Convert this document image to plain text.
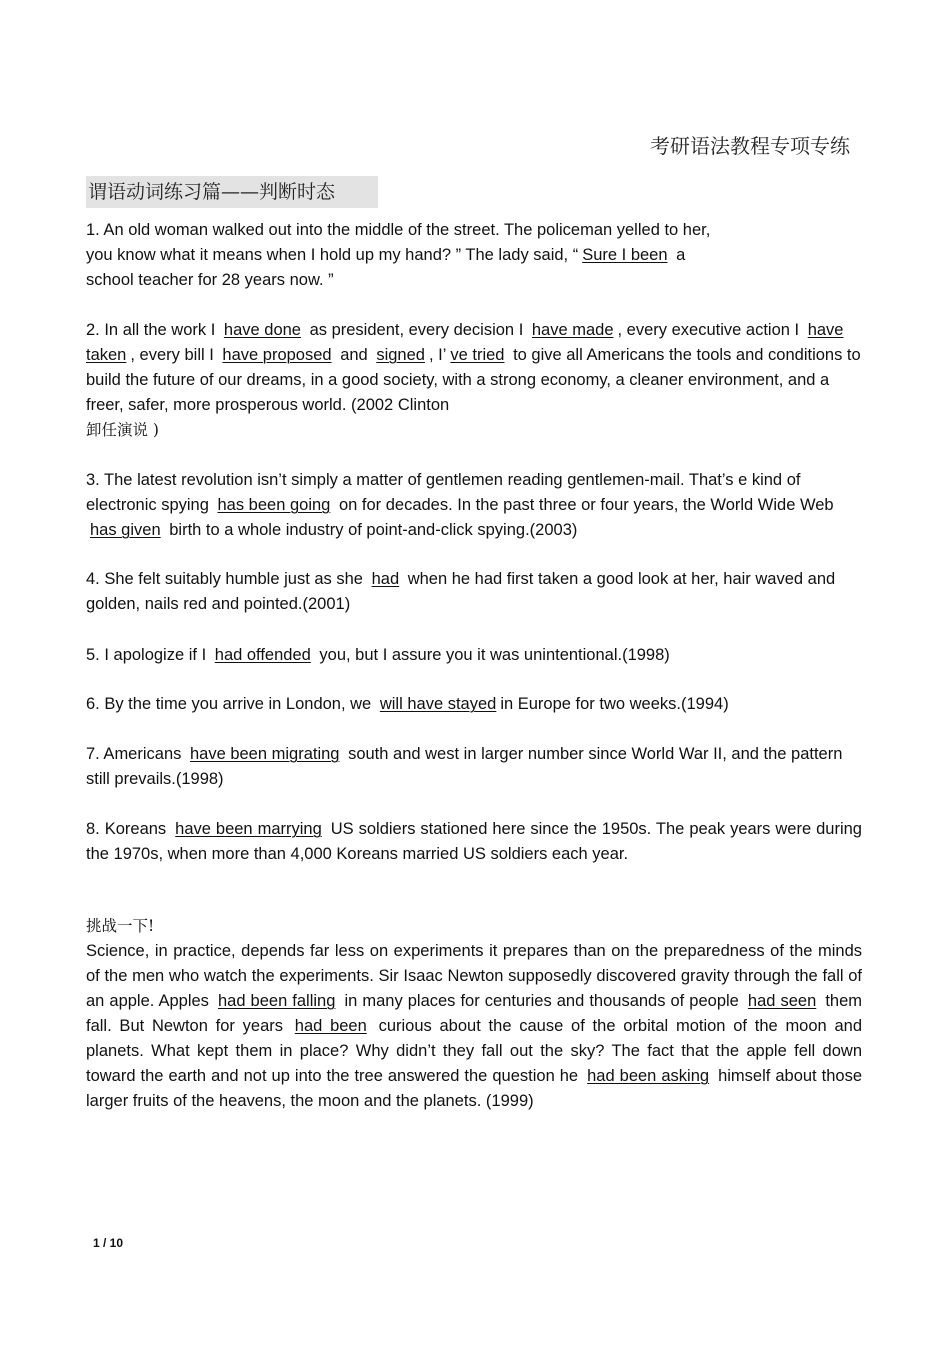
考研语法教程专项专练
谓语动词练习篇——判断时态

1. An old woman walked out into the middle of the street. The policeman yelled to her,

you know what it means when I hold up my hand? ” The lady said, “ Sure I been a

school teacher for 28 years now. ”

2. In all the work I have done as president, every decision I have made , every executive action I have taken , every bill I have proposed and signed , I’ ve tried to give all Americans the tools and conditions to build the future of our dreams, in a good society, with a strong economy, a cleaner environment, and a freer, safer, more prosperous world. (2002 Clinton

卸任演说 )

3. The latest revolution isn’t simply a matter of gentlemen reading gentlemen-mail. That’s e kind of electronic spying has been going on for decades. In the past three or four years, the World Wide Web has given birth to a whole industry of point-and-click spying.(2003)

4. She felt suitably humble just as she had when he had first taken a good look at her, hair waved and golden, nails red and pointed.(2001)

5. I apologize if I had offended you, but I assure you it was unintentional.(1998)

6. By the time you arrive in London, we will have stayed in Europe for two weeks.(1994)

7. Americans have been migrating south and west in larger number since World War II, and the pattern still prevails.(1998)

8. Koreans have been marrying US soldiers stationed here since the 1950s. The peak years were during the 1970s, when more than 4,000 Koreans married US soldiers each year.

挑战一下!

Science, in practice, depends far less on experiments it prepares than on the preparedness of the minds of the men who watch the experiments. Sir Isaac Newton supposedly discovered gravity through the fall of an apple. Apples had been falling in many places for centuries and thousands of people had seen them fall. But Newton for years had been curious about the cause of the orbital motion of the moon and planets. What kept them in place? Why didn’t they fall out the sky? The fact that the apple fell down toward the earth and not up into the tree answered the question he had been asking himself about those larger fruits of the heavens, the moon and the planets. (1999)

1 / 10
